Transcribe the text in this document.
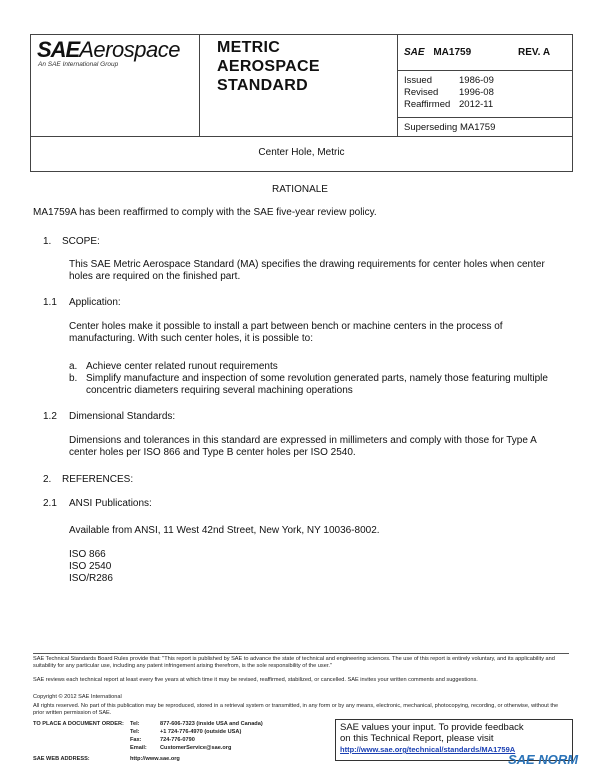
SAEAerospace
An SAE International Group
METRIC
AEROSPACE
STANDARD
SAE MA1759	REV. A
Issued	1986-09
Revised 1996-08
Reaffirmed 2012-11
Superseding MA1759
Center Hole, Metric
RATIONALE
MA1759A has been reaffirmed to comply with the SAE five-year review policy.
1. SCOPE:
This SAE Metric Aerospace Standard (MA) specifies the drawing requirements for center holes when center holes are required on the finished part.
1.1 Application:
Center holes make it possible to install a part between bench or machine centers in the process of manufacturing. With such center holes, it is possible to:
a. Achieve center related runout requirements
b. Simplify manufacture and inspection of some revolution generated parts, namely those featuring multiple concentric diameters requiring several machining operations
1.2 Dimensional Standards:
Dimensions and tolerances in this standard are expressed in millimeters and comply with those for Type A center holes per ISO 866 and Type B center holes per ISO 2540.
2. REFERENCES:
2.1 ANSI Publications:
Available from ANSI, 11 West 42nd Street, New York, NY 10036-8002.
ISO 866
ISO 2540
ISO/R286
SAE Technical Standards Board Rules provide that: "This report is published by SAE to advance the state of technical and engineering sciences. The use of this report is entirely voluntary, and its applicability and suitability for any particular use, including any patent infringement arising therefrom, is the sole responsibility of the user."
SAE reviews each technical report at least every five years at which time it may be revised, reaffirmed, stabilized, or cancelled. SAE invites your written comments and suggestions.
Copyright © 2012 SAE International
All rights reserved. No part of this publication may be reproduced, stored in a retrieval system or transmitted, in any form or by any means, electronic, mechanical, photocopying, recording, or otherwise, without the prior written permission of SAE.
TO PLACE A DOCUMENT ORDER: Tel:	877-606-7323 (inside USA and Canada)
Tel:	+1 724-776-4970 (outside USA)
Fax:	724-776-0790
Email: CustomerService@sae.org
SAE WEB ADDRESS:	http://www.sae.org
SAE values your input. To provide feedback
on this Technical Report, please visit
http://www.sae.org/technical/standards/MA1759A
SAE NORM
